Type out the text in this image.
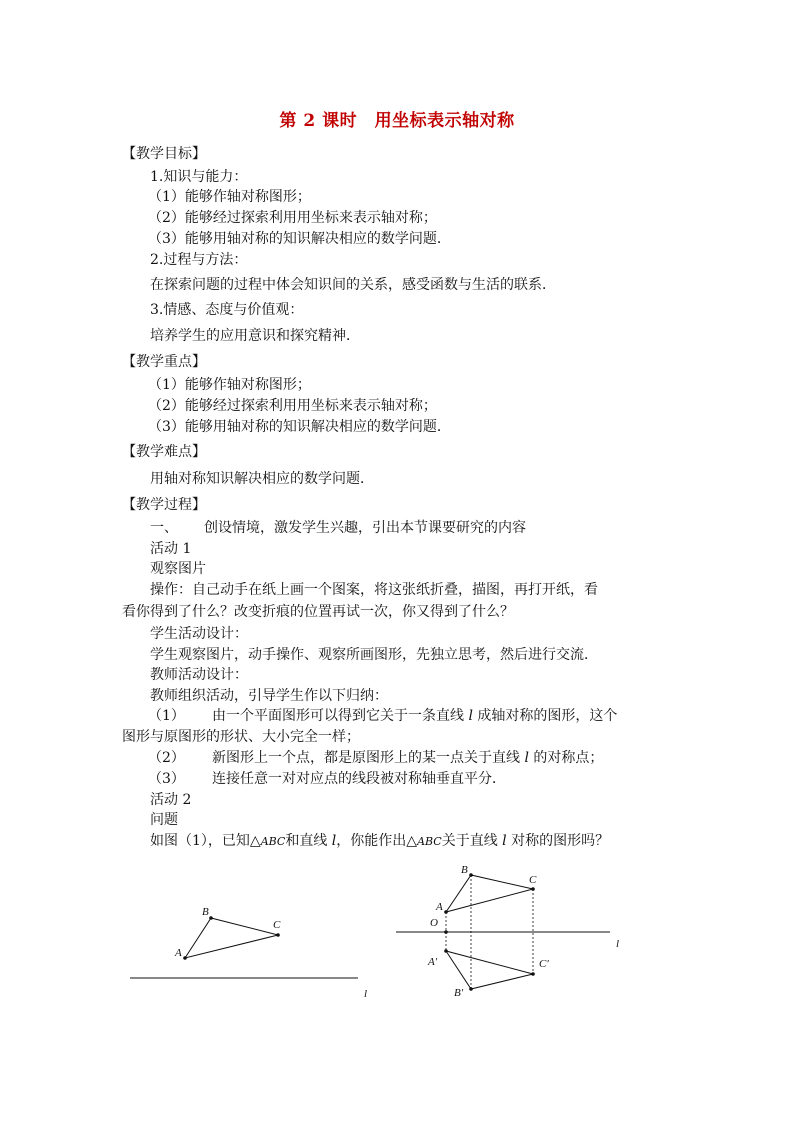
第 2 课时　用坐标表示轴对称
【教学目标】
1.知识与能力：
（1）能够作轴对称图形；
（2）能够经过探索利用用坐标来表示轴对称；
（3）能够用轴对称的知识解决相应的数学问题．
2.过程与方法：
在探索问题的过程中体会知识间的关系，感受函数与生活的联系．
3.情感、态度与价值观：
培养学生的应用意识和探究精神．
【教学重点】
（1）能够作轴对称图形；
（2）能够经过探索利用用坐标来表示轴对称；
（3）能够用轴对称的知识解决相应的数学问题．
【教学难点】
用轴对称知识解决相应的数学问题．
【教学过程】
一、 创设情境，激发学生兴趣，引出本节课要研究的内容
活动 1
观察图片
操作：自己动手在纸上画一个图案，将这张纸折叠，描图，再打开纸，看
看你得到了什么？改变折痕的位置再试一次，你又得到了什么？
学生活动设计：
学生观察图片，动手操作、观察所画图形，先独立思考，然后进行交流．
教师活动设计：
教师组织活动，引导学生作以下归纳：
（1） 由一个平面图形可以得到它关于一条直线 l 成轴对称的图形，这个
图形与原图形的形状、大小完全一样；
（2） 新图形上一个点，都是原图形上的某一点关于直线 l 的对称点；
（3） 连接任意一对对应点的线段被对称轴垂直平分．
活动 2
问题
如图（1），已知△ABC和直线 l，你能作出△ABC关于直线 l 对称的图形吗？
A
B
C
l
A
B
C
O
A′
B′
C′
l
